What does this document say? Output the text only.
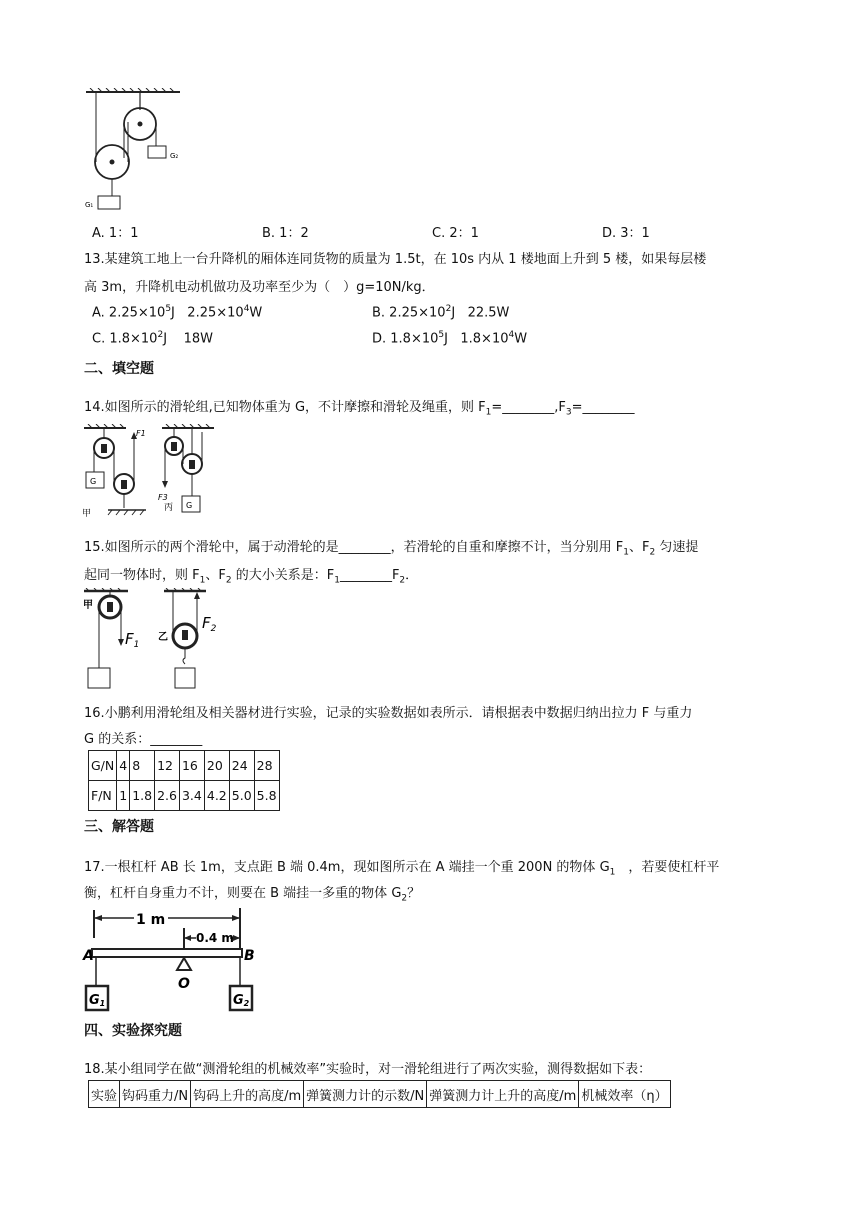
G₂
G₁
A. 1：1	B. 1：2	C. 2：1	D. 3：1
13.某建筑工地上一台升降机的厢体连同货物的质量为 1.5t，在 10s 内从 1 楼地面上升到 5 楼，如果每层楼
高 3m，升降机电动机做功及功率至少为（　）g=10N/kg．
A. $2.25\times 10^5J$ $2.25\times 10^4W$	B. $2.25\times 10^2J$ 22.5W
C. $1.8\times 10^2J$ 18W	D. $1.8\times 10^5J$ $1.8\times 10^4W$
二、填空题
14.如图所示的滑轮组,已知物体重为 G，不计摩擦和滑轮及绳重，则 $F_1=\_\_\_\_\_\_\_\_,F_3=\_\_\_\_\_\_\_\_$
G
F1
甲
F3
G
丙
15.如图所示的两个滑轮中，属于动滑轮的是________，若滑轮的自重和摩擦不计，当分别用 $F_1$、$F_2$ 匀速提
起同一物体时，则 $F_1$、$F_2$ 的大小关系是：$F_1\_\_\_\_\_\_\_\_F_2$．
甲
$F_1$
$F_2$
乙
16.小鹏利用滑轮组及相关器材进行实验，记录的实验数据如表所示．请根据表中数据归纳出拉力 F 与重力
G 的关系：________
G/N	4	8	12	16	20	24	28
F/N	1	1.8	2.6	3.4	4.2	5.0	5.8
三、解答题
17.一根杠杆 AB 长 1m，支点距 B 端 0.4m，现如图所示在 A 端挂一个重 200N 的物体 $G_1$　，若要使杠杆平
衡，杠杆自身重力不计，则要在 B 端挂一多重的物体 $G_2$？
1 m
0.4 m
A	B
O
G1	G2
四、实验探究题
18.某小组同学在做“测滑轮组的机械效率”实验时，对一滑轮组进行了两次实验，测得数据如下表：
实验	钩码重力/N	钩码上升的高度/m	弹簧测力计的示数/N	弹簧测力计上升的高度/m	机械效率（η）
